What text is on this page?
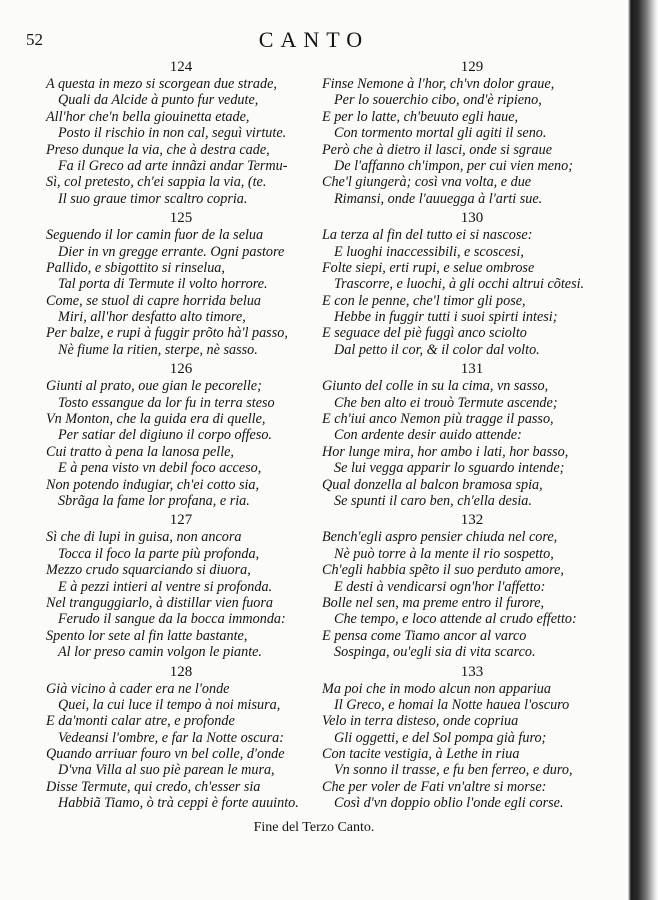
52	CANTO
124
A questa in mezo si scorgean due strade,
Quali da Alcide à punto fur vedute,
All'hor che'n bella giouinetta etade,
Posto il rischio in non cal, seguì virtute.
Preso dunque la via, che à destra cade,
Fa il Greco ad arte innãzi andar Termu-
Sì, col pretesto, ch'ei sappia la via, (te.
Il suo graue timor scaltro copria.
125
Seguendo il lor camin fuor de la selua
Dier in vn gregge errante. Ogni pastore
Pallido, e sbigottito si rinselua,
Tal porta di Termute il volto horrore.
Come, se stuol di capre horrida belua
Miri, all'hor desfatto alto timore,
Per balze, e rupi à fuggir prõto hà'l passo,
Nè fiume la ritien, sterpe, nè sasso.
126
Giunti al prato, oue gian le pecorelle;
Tosto essangue da lor fu in terra steso
Vn Monton, che la guida era di quelle,
Per satiar del digiuno il corpo offeso.
Cui tratto à pena la lanosa pelle,
E à pena visto vn debil foco acceso,
Non potendo indugiar, ch'ei cotto sia,
Sbrãga la fame lor profana, e ria.
127
Sì che di lupi in guisa, non ancora
Tocca il foco la parte più profonda,
Mezzo crudo squarciando si diuora,
E à pezzi intieri al ventre si profonda.
Nel tranguggiarlo, à distillar vien fuora
Ferudo il sangue da la bocca immonda:
Spento lor sete al fin latte bastante,
Al lor preso camin volgon le piante.
128
Già vicino à cader era ne l'onde
Quei, la cui luce il tempo à noi misura,
E da'monti calar atre, e profonde
Vedeansi l'ombre, e far la Notte oscura:
Quando arriuar fouro vn bel colle, d'onde
D'vna Villa al suo piè parean le mura,
Disse Termute, qui credo, ch'esser sia
Habbiã Tiamo, ò trà ceppi è forte auuinto.
129
Finse Nemone à l'hor, ch'vn dolor graue,
Per lo souerchio cibo, ond'è ripieno,
E per lo latte, ch'beuuto egli haue,
Con tormento mortal gli agiti il seno.
Però che à dietro il lasci, onde si sgraue
De l'affanno ch'impon, per cui vien meno;
Che'l giungerà; così vna volta, e due
Rimansi, onde l'auuegga à l'arti sue.
130
La terza al fin del tutto ei si nascose:
E luoghi inaccessibili, e scoscesi,
Folte siepi, erti rupi, e selue ombrose
Trascorre, e luochi, à gli occhi altrui cõtesi.
E con le penne, che'l timor gli pose,
Hebbe in fuggir tutti i suoi spirti intesi;
E seguace del piè fuggì anco sciolto
Dal petto il cor, & il color dal volto.
131
Giunto del colle in su la cima, vn sasso,
Che ben alto ei trouò Termute ascende;
E ch'iui anco Nemon più tragge il passo,
Con ardente desir auido attende:
Hor lunge mira, hor ambo i lati, hor basso,
Se lui vegga apparir lo sguardo intende;
Qual donzella al balcon bramosa spia,
Se spunti il caro ben, ch'ella desia.
132
Bench'egli aspro pensier chiuda nel core,
Nè può torre à la mente il rio sospetto,
Ch'egli habbia spẽto il suo perduto amore,
E desti à vendicarsi ogn'hor l'affetto:
Bolle nel sen, ma preme entro il furore,
Che tempo, e loco attende al crudo effetto:
E pensa come Tiamo ancor al varco
Sospinga, ou'egli sia di vita scarco.
133
Ma poi che in modo alcun non appariua
Il Greco, e homai la Notte hauea l'oscuro
Velo in terra disteso, onde copriua
Gli oggetti, e del Sol pompa già furo;
Con tacite vestigia, à Lethe in riua
Vn sonno il trasse, e fu ben ferreo, e duro,
Che per voler de Fati vn'altre si morse:
Così d'vn doppio oblio l'onde egli corse.
Fine del Terzo Canto.
